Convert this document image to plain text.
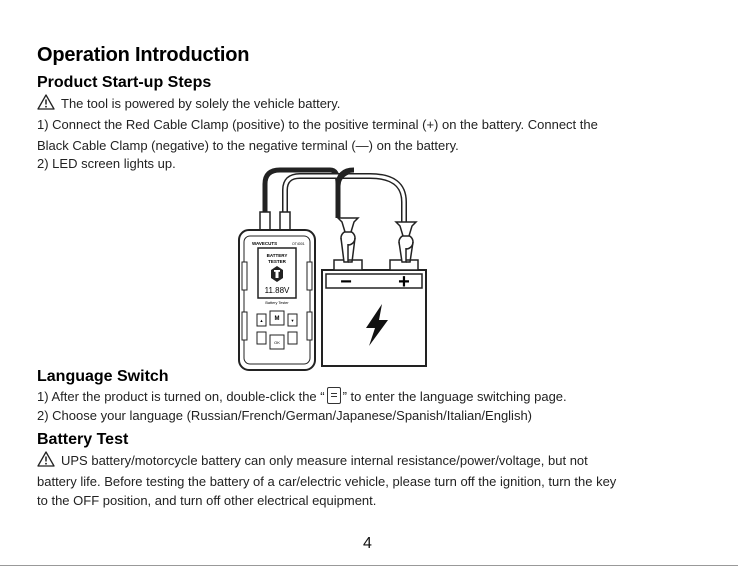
Operation Introduction
Product Start-up Steps
The tool is powered by solely the vehicle battery.
1) Connect the Red Cable Clamp (positive) to the positive terminal (+) on the battery. Connect the
Black Cable Clamp (negative) to the negative terminal (—) on the battery.
2) LED screen lights up.
WAVECUTS	OT4001
BATTERY
TESTER
11.88V
Battery Tester
▲ M	▼
OK
− +
Language Switch
1) After the product is turned on, double-click the “ ” to enter the language switching page.
2) Choose your language (Russian/French/German/Japanese/Spanish/Italian/English)
Battery Test
UPS battery/motorcycle battery can only measure internal resistance/power/voltage, but not
battery life. Before testing the battery of a car/electric vehicle, please turn off the ignition, turn the key
to the OFF position, and turn off other electrical equipment.
4
